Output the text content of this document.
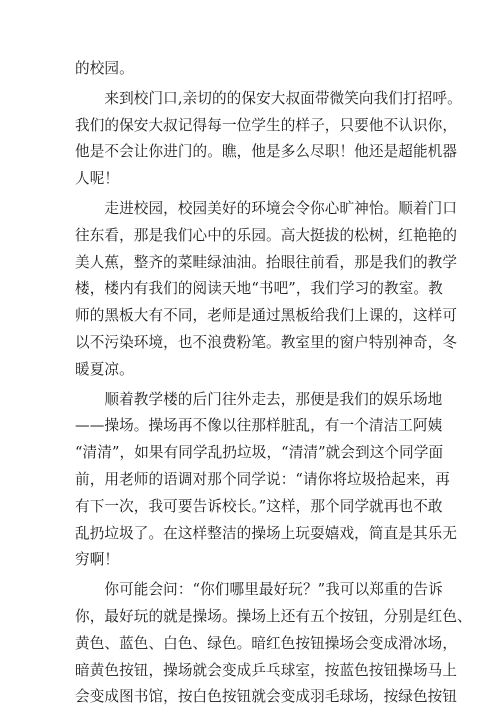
的校园。
　　来到校门口,亲切的的保安大叔面带微笑向我们打招呼。
我们的保安大叔记得每一位学生的样子，只要他不认识你，
他是不会让你进门的。瞧，他是多么尽职！他还是超能机器
人呢！
　　走进校园，校园美好的环境会令你心旷神怡。顺着门口
往东看，那是我们心中的乐园。高大挺拔的松树，红艳艳的
美人蕉，整齐的菜畦绿油油。抬眼往前看，那是我们的教学
楼，楼内有我们的阅读天地“书吧”，我们学习的教室。教
师的黑板大有不同，老师是通过黑板给我们上课的，这样可
以不污染环境，也不浪费粉笔。教室里的窗户特别神奇，冬
暖夏凉。
　　顺着教学楼的后门往外走去，那便是我们的娱乐场地
——操场。操场再不像以往那样脏乱，有一个清洁工阿姨
“清清”，如果有同学乱扔垃圾，“清清”就会到这个同学面
前，用老师的语调对那个同学说：“请你将垃圾拾起来，再
有下一次，我可要告诉校长。”这样，那个同学就再也不敢
乱扔垃圾了。在这样整洁的操场上玩耍嬉戏，简直是其乐无
穷啊！
　　你可能会问：“你们哪里最好玩？”我可以郑重的告诉
你，最好玩的就是操场。操场上还有五个按钮，分别是红色、
黄色、蓝色、白色、绿色。暗红色按钮操场会变成滑冰场，
暗黄色按钮，操场就会变成乒乓球室，按蓝色按钮操场马上
会变成图书馆，按白色按钮就会变成羽毛球场，按绿色按钮
